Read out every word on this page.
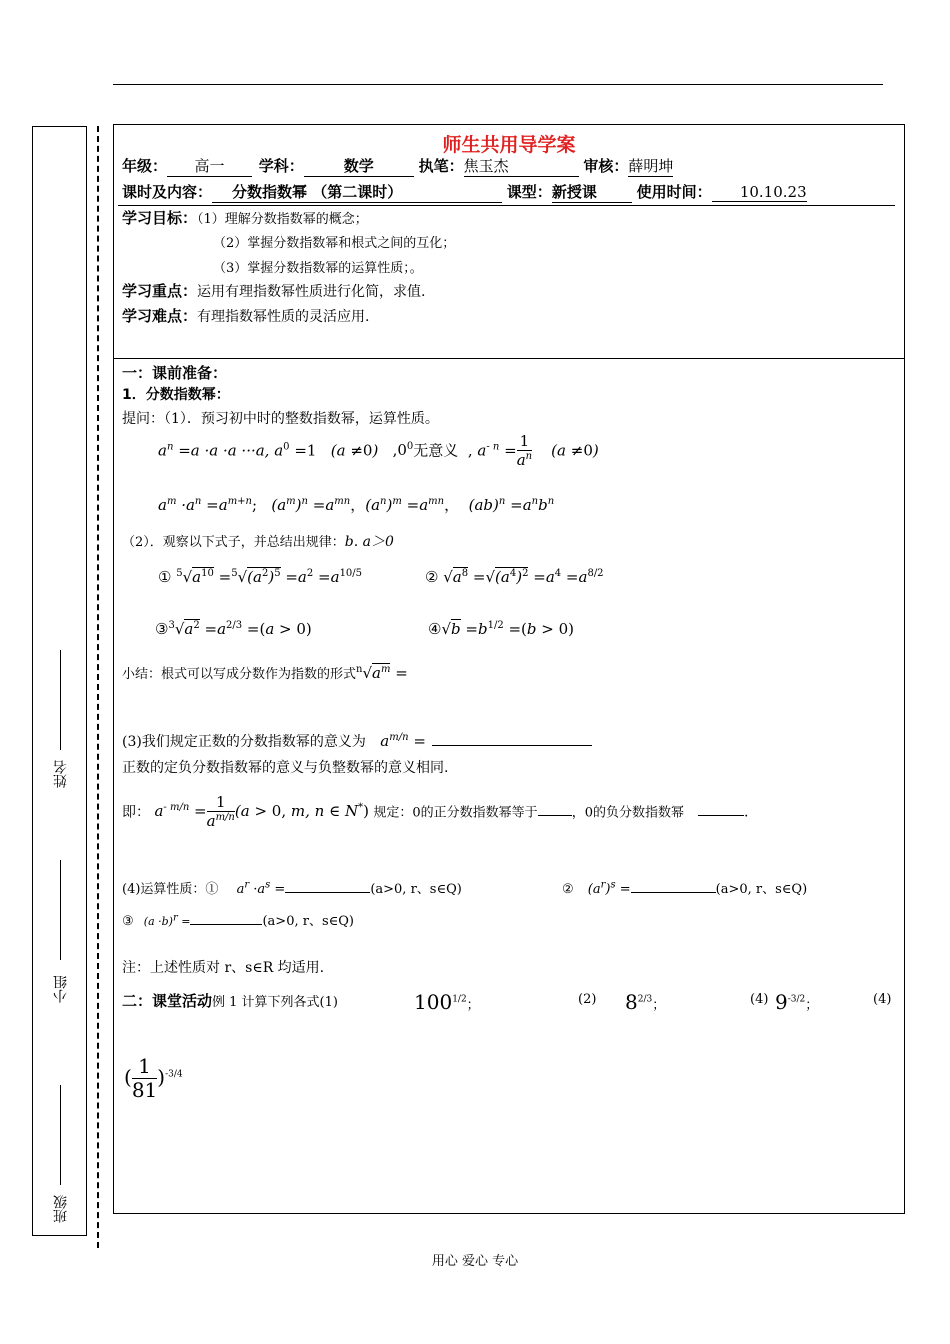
姓名
小组
班级
师生共用导学案
年级： 高一 学科：	数学	执笔：焦玉杰	审核：薛明坤
课时及内容： 分数指数幂 （第二课时）	课型：新授课	使用时间： 10.10.23
学习目标：（1）理解分数指数幂的概念；
（2）掌握分数指数幂和根式之间的互化；
（3）掌握分数指数幂的运算性质；。
学习重点：运用有理指数幂性质进行化简，求值.
学习难点：有理指数幂性质的灵活应用.
一：课前准备：
1．分数指数幂：
提问：（1）．预习初中时的整数指数幂，运算性质。
$a^n =a \cdot a \cdot a \cdot\cdot\cdot a$, $a^0 =1$   (a ≠0)   $,0^0$无意义  , $a^{- n} = \frac{1}{a^n} (a \ne 0)$
$a^m \cdot a^n =a^{m+n}$;   $(a^m)^n =a^{mn}$，$(a^n)^m =a^{mn}$，  $(ab)^n =a^nb^n$
（2）．观察以下式子，并总结出规律：b. a＞0
① $^5√a^{10} =^5√(a^2)^5 =a^2 =a^{10/5}$	② $√a^8 =√(a^4)^2 =a^4 =a^{8/2}$
$③^3√a^2 =a^{2/3} =(a > 0)$	④√b $=b^{1/2} =(b > 0)$
小结：根式可以写成分数作为指数的形式$^n√a^m$ =
(3)我们规定正数的分数指数幂的意义为 $a^{m/n}$ =
正数的定负分数指数幂的意义与负整数幂的意义相同.
即： $a^{- m/n} = \frac{1}{a^{m/n}} (a > 0$, m, n ∈ N*) 规定：0的正分数指数幂等于	，0的负分数指数幂	.
(4)运算性质：① $a^r \cdot a^s$ =	(a>0, r、s∈Q)	② $(a^r)^s$ =	(a>0, r、s∈Q)
③ $(a \cdot b)^r$ =	(a>0, r、s∈Q)
注：上述性质对 r、s∈R 均适用.
二：课堂活动例 1 计算下列各式(1)	$100^{1/2}$；	(2) $8^{2/3}$；	(4) $9^{-3/2}$；	(4)
( $\frac{1}{81} )^{-3/4}$
用心 爱心 专心
